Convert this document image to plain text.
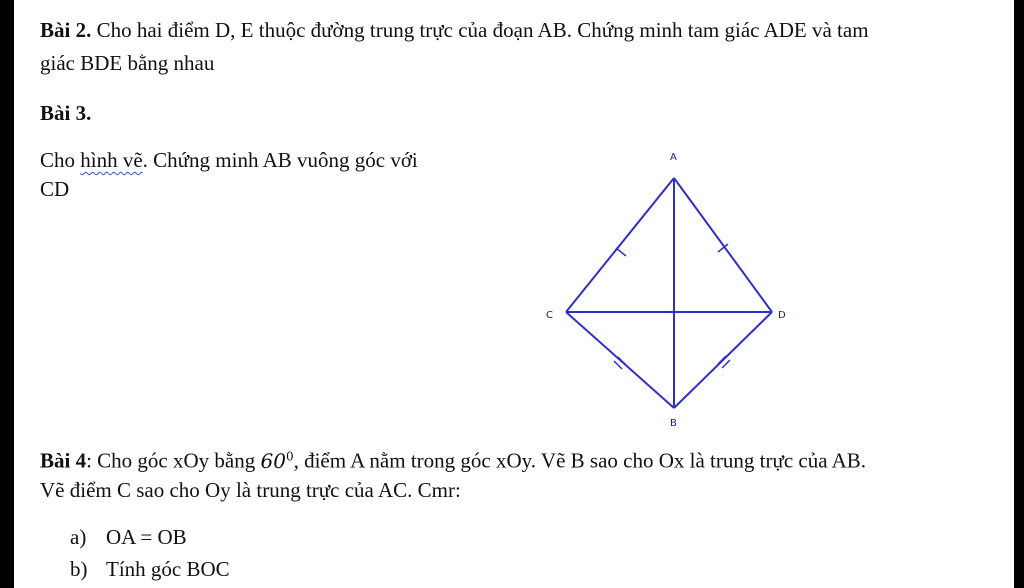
Bài 2. Cho hai điểm D, E thuộc đường trung trực của đoạn AB. Chứng minh tam giác ADE và tam
giác BDE bằng nhau
Bài 3.
Cho hình vẽ. Chứng minh AB vuông góc với
CD
A
C	D
B
Bài 4: Cho góc xOy bằng $60^0$, điểm A nằm trong góc xOy. Vẽ B sao cho Ox là trung trực của AB.
Vẽ điểm C sao cho Oy là trung trực của AC. Cmr:
a) OA = OB
b) Tính góc BOC
